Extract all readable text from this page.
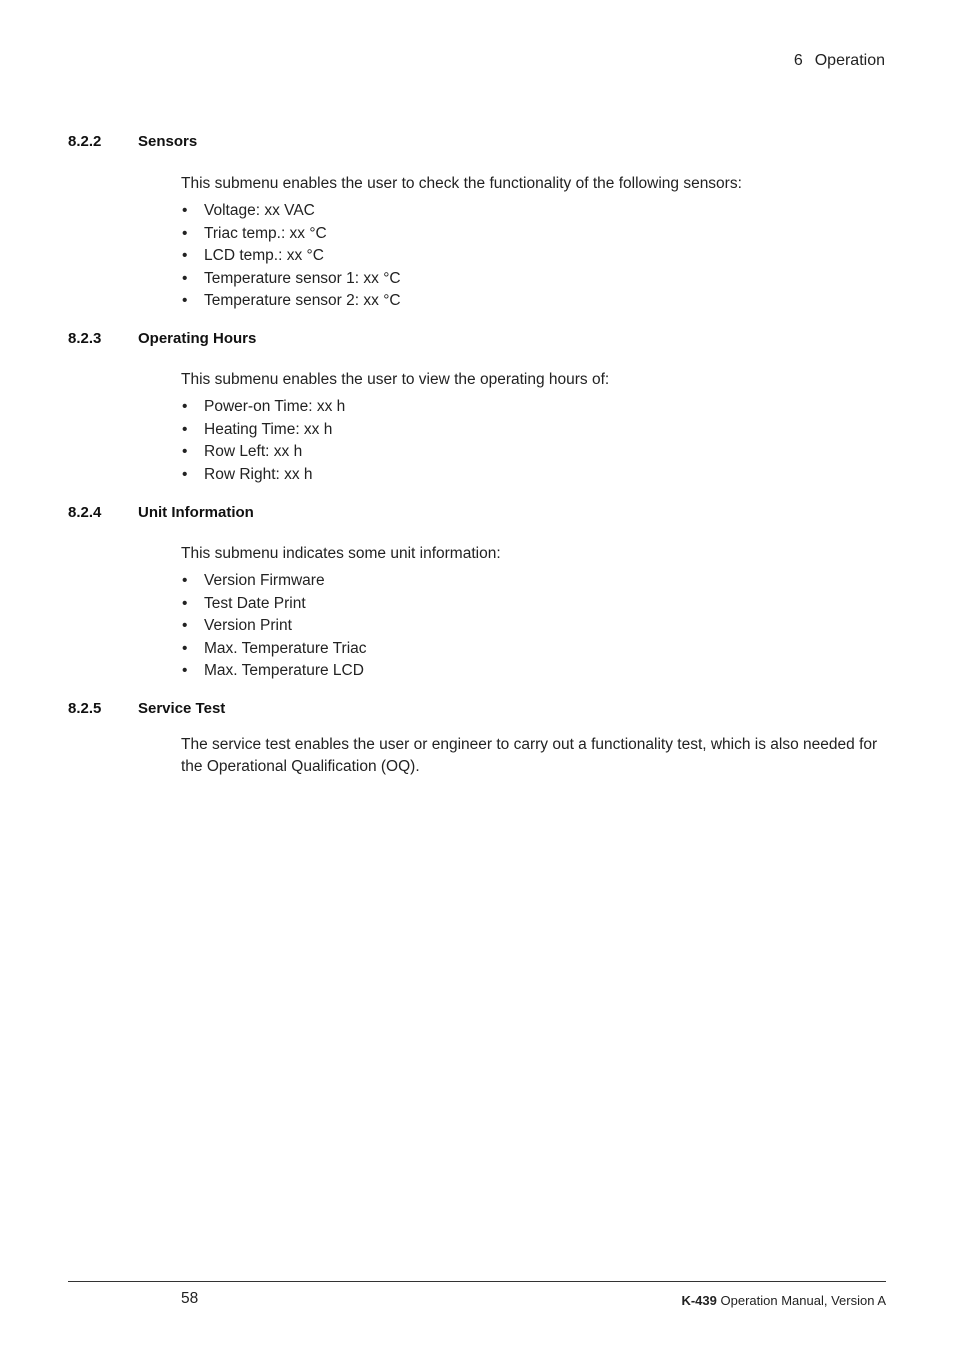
6 Operation
8.2.2 Sensors

This submenu enables the user to check the functionality of the following sensors:

• Voltage: xx VAC
• Triac temp.: xx °C
• LCD temp.: xx °C
• Temperature sensor 1: xx °C
• Temperature sensor 2: xx °C
8.2.3 Operating Hours

This submenu enables the user to view the operating hours of:

• Power-on Time: xx h
• Heating Time: xx h
• Row Left: xx h
• Row Right: xx h
8.2.4 Unit Information

This submenu indicates some unit information:

• Version Firmware
• Test Date Print
• Version Print
• Max. Temperature Triac
• Max. Temperature LCD
8.2.5 Service Test

The service test enables the user or engineer to carry out a functionality test, which is also needed for the Operational Qualification (OQ).

58	K-439 Operation Manual, Version A
